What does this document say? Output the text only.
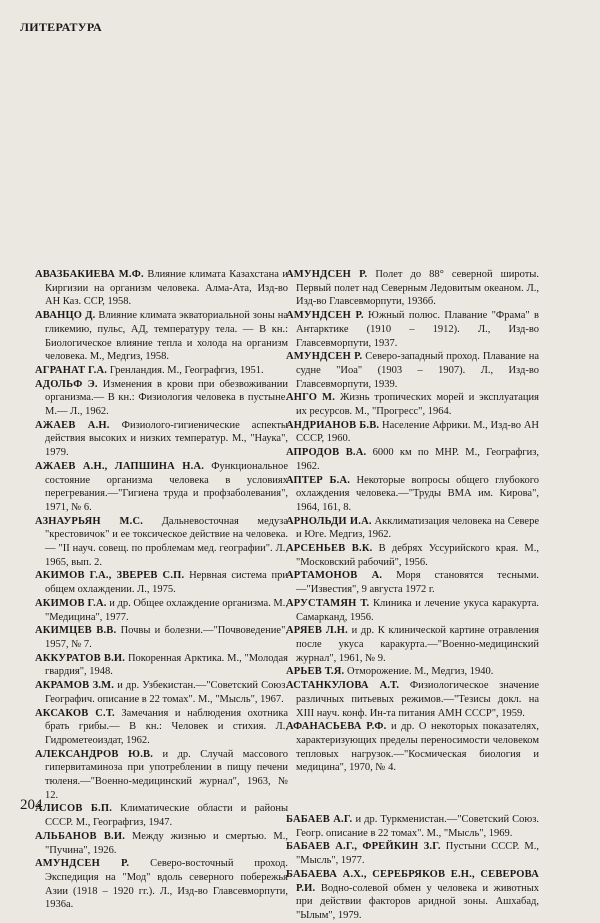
ЛИТЕРАТУРА

АВАЗБАКИЕВА М.Ф. Влияние климата Казахстана и Киргизии на организм человека. Алма-Ата, Изд-во АН Каз. ССР, 1958.

АВАНЦО Д. Влияние климата экваториальной зоны на гликемию, пульс, АД, температуру тела. — В кн.: Биологическое влияние тепла и холода на организм человека. М., Медгиз, 1958.

АГРАНАТ Г.А. Гренландия. М., Географгиз, 1951.

АДОЛЬФ Э. Изменения в крови при обезвоживании организма.— В кн.: Физиология человека в пустыне. М.— Л., 1962.

АЖАЕВ А.Н. Физиолого-гигиенические аспекты действия высоких и низких температур. М., "Наука", 1979.

АЖАЕВ А.Н., ЛАПШИНА Н.А. Функциональное состояние организма человека в условиях перегревания.—"Гигиена труда и профзаболевания", 1971, № 6.

АЗНАУРЬЯН М.С. Дальневосточная медуза "крестовичок" и ее токсическое действие на человека.— "II науч. совещ. по проблемам мед. географии". Л., 1965, вып. 2.

АКИМОВ Г.А., ЗВЕРЕВ С.П. Нервная система при общем охлаждении. Л., 1975.

АКИМОВ Г.А. и др. Общее охлаждение организма. М., "Медицина", 1977.

АКИМЦЕВ В.В. Почвы и болезни.—"Почвоведение", 1957, № 7.

АККУРАТОВ В.И. Покоренная Арктика. М., "Молодая гвардия", 1948.

АКРАМОВ З.М. и др. Узбекистан.—"Советский Союз. Географич. описание в 22 томах". М., "Мысль", 1967.

АКСАКОВ С.Т. Замечания и наблюдения охотника брать грибы.— В кн.: Человек и стихия. Л., Гидрометеоиздат, 1962.

АЛЕКСАНДРОВ Ю.В. и др. Случай массового гипервитаминоза при употреблении в пищу печени тюленя.—"Военно-медицинский журнал", 1963, № 12.

АЛИСОВ Б.П. Климатические области и районы СССР. М., Географгиз, 1947.

АЛЬБАНОВ В.И. Между жизнью и смертью. М., "Пучина", 1926.

АМУНДСЕН Р. Северо-восточный проход. Экспедиция на "Мод" вдоль северного побережья Азии (1918 – 1920 гг.). Л., Изд-во Главсевморпути, 1936а.

АМУНДСЕН Р. Полет до 88° северной широты. Первый полет над Северным Ледовитым океаном. Л., Изд-во Главсевморпути, 1936б.

АМУНДСЕН Р. Южный полюс. Плавание "Фрама" в Антарктике (1910 – 1912). Л., Изд-во Главсевморпути, 1937.

АМУНДСЕН Р. Северо-западный проход. Плавание на судне "Иоа" (1903 – 1907). Л., Изд-во Главсевморпути, 1939.

АНГО М. Жизнь тропических морей и эксплуатация их ресурсов. М., "Прогресс", 1964.

АНДРИАНОВ Б.В. Население Африки. М., Изд-во АН СССР, 1960.

АПРОДОВ В.А. 6000 км по МНР. М., Географгиз, 1962.

АПТЕР Б.А. Некоторые вопросы общего глубокого охлаждения человека.—"Труды ВМА им. Кирова", 1964, 161, 8.

АРНОЛЬДИ И.А. Акклиматизация человека на Севере и Юге. Медгиз, 1962.

АРСЕНЬЕВ В.К. В дебрях Уссурийского края. М., "Московский рабочий", 1956.

АРТАМОНОВ А. Моря становятся тесными.—"Известия", 9 августа 1972 г.

АРУСТАМЯН Т. Клиника и лечение укуса каракурта. Самарканд, 1956.

АРЯЕВ Л.Н. и др. К клинической картине отравления после укуса каракурта.—"Военно-медицинский журнал", 1961, № 9.

АРЬЕВ Т.Я. Отморожение. М., Медгиз, 1940.

АСТАНКУЛОВА А.Т. Физиологическое значение различных питьевых режимов.—"Тезисы докл. на XIII науч. конф. Ин-та питания АМН СССР", 1959.

АФАНАСЬЕВА Р.Ф. и др. О некоторых показателях, характеризующих пределы переносимости человеком тепловых нагрузок.—"Космическая биология и медицина", 1970, № 4.

БАБАЕВ А.Г. и др. Туркменистан.—"Советский Союз. Геогр. описание в 22 томах". М., "Мысль", 1969.

БАБАЕВ А.Г., ФРЕЙКИН З.Г. Пустыни СССР. М., "Мысль", 1977.

БАБАЕВА А.Х., СЕРЕБРЯКОВ Е.Н., СЕВЕРОВА Р.И. Водно-солевой обмен у человека и животных при действии факторов аридной зоны. Ашхабад, "Ылым", 1979.

204
